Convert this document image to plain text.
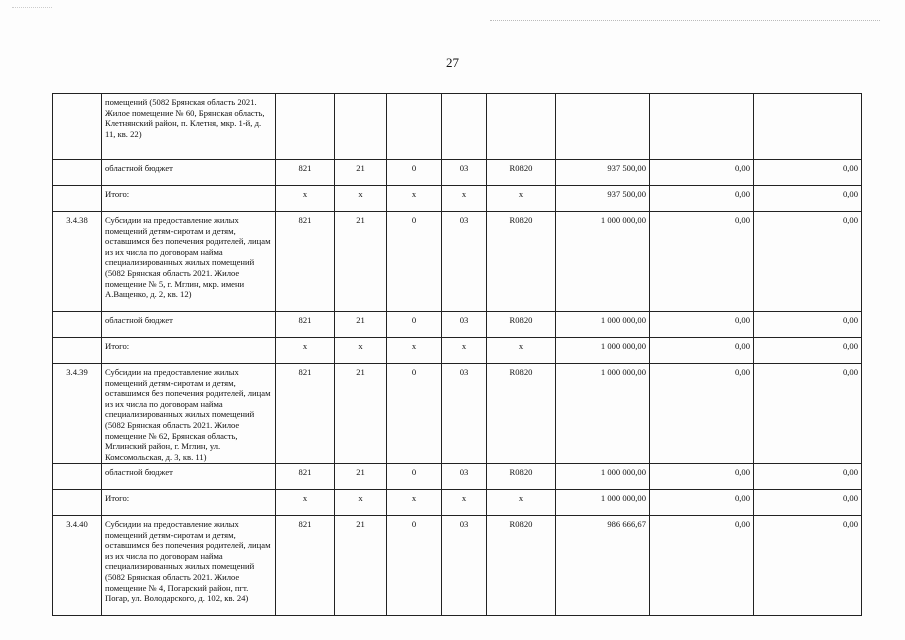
27
	помещений (5082 Брянская область 2021. Жилое помещение № 60, Брянская область, Клетнянский район, п. Клетня, мкр. 1-й, д. 11, кв. 22)								
	областной бюджет	821	21	0	03	R0820	937 500,00	0,00	0,00
	Итого:	x	x	x	x	x	937 500,00	0,00	0,00
3.4.38	Субсидии на предоставление жилых помещений детям-сиротам и детям, оставшимся без попечения родителей, лицам из их числа по договорам найма специализированных жилых помещений (5082 Брянская область 2021. Жилое помещение № 5, г. Мглин, мкр. имени А.Ващенко, д. 2, кв. 12)	821	21	0	03	R0820	1 000 000,00	0,00	0,00
	областной бюджет	821	21	0	03	R0820	1 000 000,00	0,00	0,00
	Итого:	x	x	x	x	x	1 000 000,00	0,00	0,00
3.4.39	Субсидии на предоставление жилых помещений детям-сиротам и детям, оставшимся без попечения родителей, лицам из их числа по договорам найма специализированных жилых помещений (5082 Брянская область 2021. Жилое помещение № 62, Брянская область, Мглинский район, г. Мглин, ул. Комсомольская, д. 3, кв. 11)	821	21	0	03	R0820	1 000 000,00	0,00	0,00
	областной бюджет	821	21	0	03	R0820	1 000 000,00	0,00	0,00
	Итого:	x	x	x	x	x	1 000 000,00	0,00	0,00
3.4.40	Субсидии на предоставление жилых помещений детям-сиротам и детям, оставшимся без попечения родителей, лицам из их числа по договорам найма специализированных жилых помещений (5082 Брянская область 2021. Жилое помещение № 4, Погарский район, пгт. Погар, ул. Володарского, д. 102, кв. 24)	821	21	0	03	R0820	986 666,67	0,00	0,00
